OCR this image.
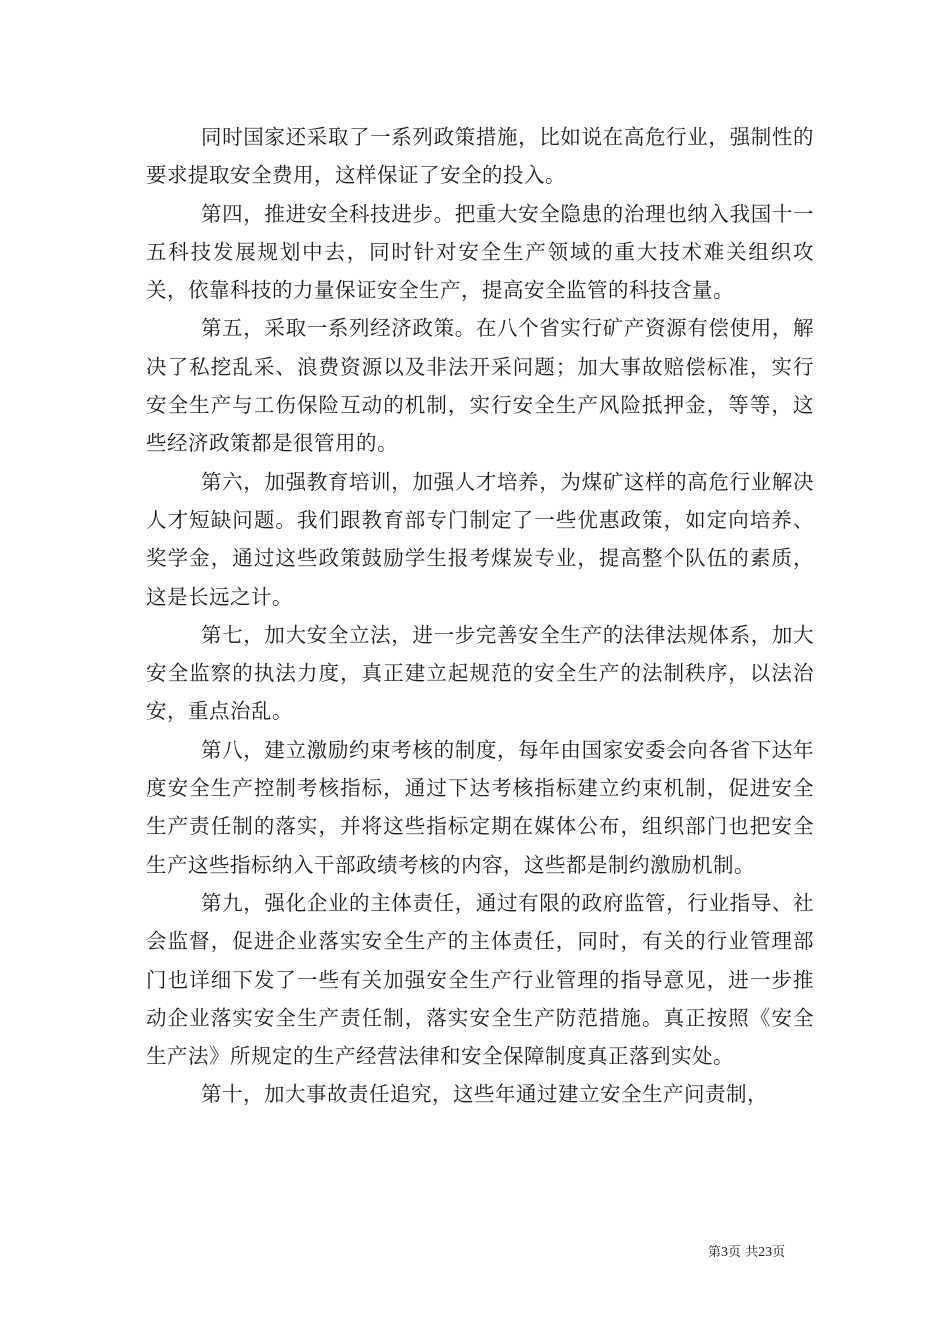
同时国家还采取了一系列政策措施，比如说在高危行业，强制性的要求提取安全费用，这样保证了安全的投入。

第四，推进安全科技进步。把重大安全隐患的治理也纳入我国十一五科技发展规划中去，同时针对安全生产领域的重大技术难关组织攻关，依靠科技的力量保证安全生产，提高安全监管的科技含量。

第五，采取一系列经济政策。在八个省实行矿产资源有偿使用，解决了私挖乱采、浪费资源以及非法开采问题；加大事故赔偿标准，实行安全生产与工伤保险互动的机制，实行安全生产风险抵押金，等等，这些经济政策都是很管用的。

第六，加强教育培训，加强人才培养，为煤矿这样的高危行业解决人才短缺问题。我们跟教育部专门制定了一些优惠政策，如定向培养、奖学金，通过这些政策鼓励学生报考煤炭专业，提高整个队伍的素质，这是长远之计。

第七，加大安全立法，进一步完善安全生产的法律法规体系，加大安全监察的执法力度，真正建立起规范的安全生产的法制秩序，以法治安，重点治乱。

第八，建立激励约束考核的制度，每年由国家安委会向各省下达年度安全生产控制考核指标，通过下达考核指标建立约束机制，促进安全生产责任制的落实，并将这些指标定期在媒体公布，组织部门也把安全生产这些指标纳入干部政绩考核的内容，这些都是制约激励机制。

第九，强化企业的主体责任，通过有限的政府监管，行业指导、社会监督，促进企业落实安全生产的主体责任，同时，有关的行业管理部门也详细下发了一些有关加强安全生产行业管理的指导意见，进一步推动企业落实安全生产责任制，落实安全生产防范措施。真正按照《安全生产法》所规定的生产经营法律和安全保障制度真正落到实处。

第十，加大事故责任追究，这些年通过建立安全生产问责制，

第3页 共23页
